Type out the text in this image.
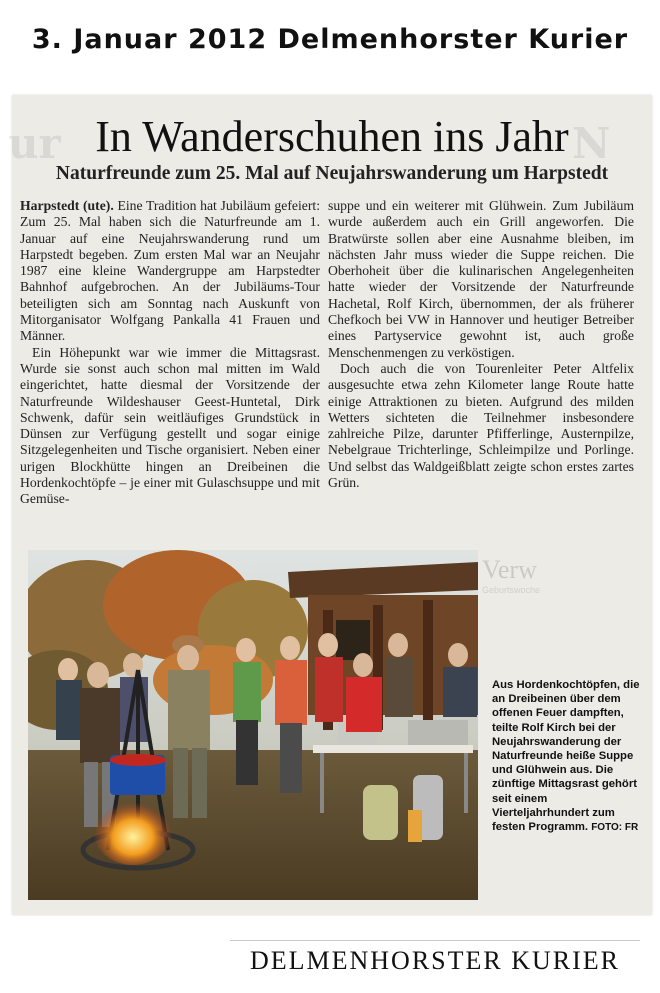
3. Januar 2012 Delmenhorster Kurier
ur	N
In Wanderschuhen ins Jahr
Naturfreunde zum 25. Mal auf Neujahrswanderung um Harpstedt

Harpstedt (ute). Eine Tradition hat Jubiläum gefeiert: Zum 25. Mal haben sich die Naturfreunde am 1. Januar auf eine Neujahrswanderung rund um Harpstedt begeben. Zum ersten Mal war an Neujahr 1987 eine kleine Wandergruppe am Harpstedter Bahnhof aufgebrochen. An der Jubiläums-Tour beteiligten sich am Sonntag nach Auskunft von Mitorganisator Wolfgang Pankalla 41 Frauen und Männer.

Ein Höhepunkt war wie immer die Mittagsrast. Wurde sie sonst auch schon mal mitten im Wald eingerichtet, hatte diesmal der Vorsitzende der Naturfreunde Wildeshauser Geest-Huntetal, Dirk Schwenk, dafür sein weitläufiges Grundstück in Dünsen zur Verfügung gestellt und sogar einige Sitzgelegenheiten und Tische organisiert. Neben einer urigen Blockhütte hingen an Dreibeinen die Hordenkochtöpfe – je einer mit Gulaschsuppe und mit Gemüse-

suppe und ein weiterer mit Glühwein. Zum Jubiläum wurde außerdem auch ein Grill angeworfen. Die Bratwürste sollen aber eine Ausnahme bleiben, im nächsten Jahr muss wieder die Suppe reichen. Die Oberhoheit über die kulinarischen Angelegenheiten hatte wieder der Vorsitzende der Naturfreunde Hachetal, Rolf Kirch, übernommen, der als früherer Chefkoch bei VW in Hannover und heutiger Betreiber eines Partyservice gewohnt ist, auch große Menschenmengen zu verköstigen.

Doch auch die von Tourenleiter Peter Altfelix ausgesuchte etwa zehn Kilometer lange Route hatte einige Attraktionen zu bieten. Aufgrund des milden Wetters sichteten die Teilnehmer insbesondere zahlreiche Pilze, darunter Pfifferlinge, Austernpilze, Nebelgraue Trichterlinge, Schleimpilze und Porlinge. Und selbst das Waldgeißblatt zeigte schon erstes zartes Grün.

Verw
Geburtswoche
Aus Hordenkochtöpfen, die an Dreibeinen über dem offenen Feuer dampften, teilte Rolf Kirch bei der Neujahrswanderung der Naturfreunde heiße Suppe und Glühwein aus. Die zünftige Mittagsrast gehört seit einem Vierteljahrhundert zum festen Programm. FOTO: FR
DELMENHORSTER KURIER
